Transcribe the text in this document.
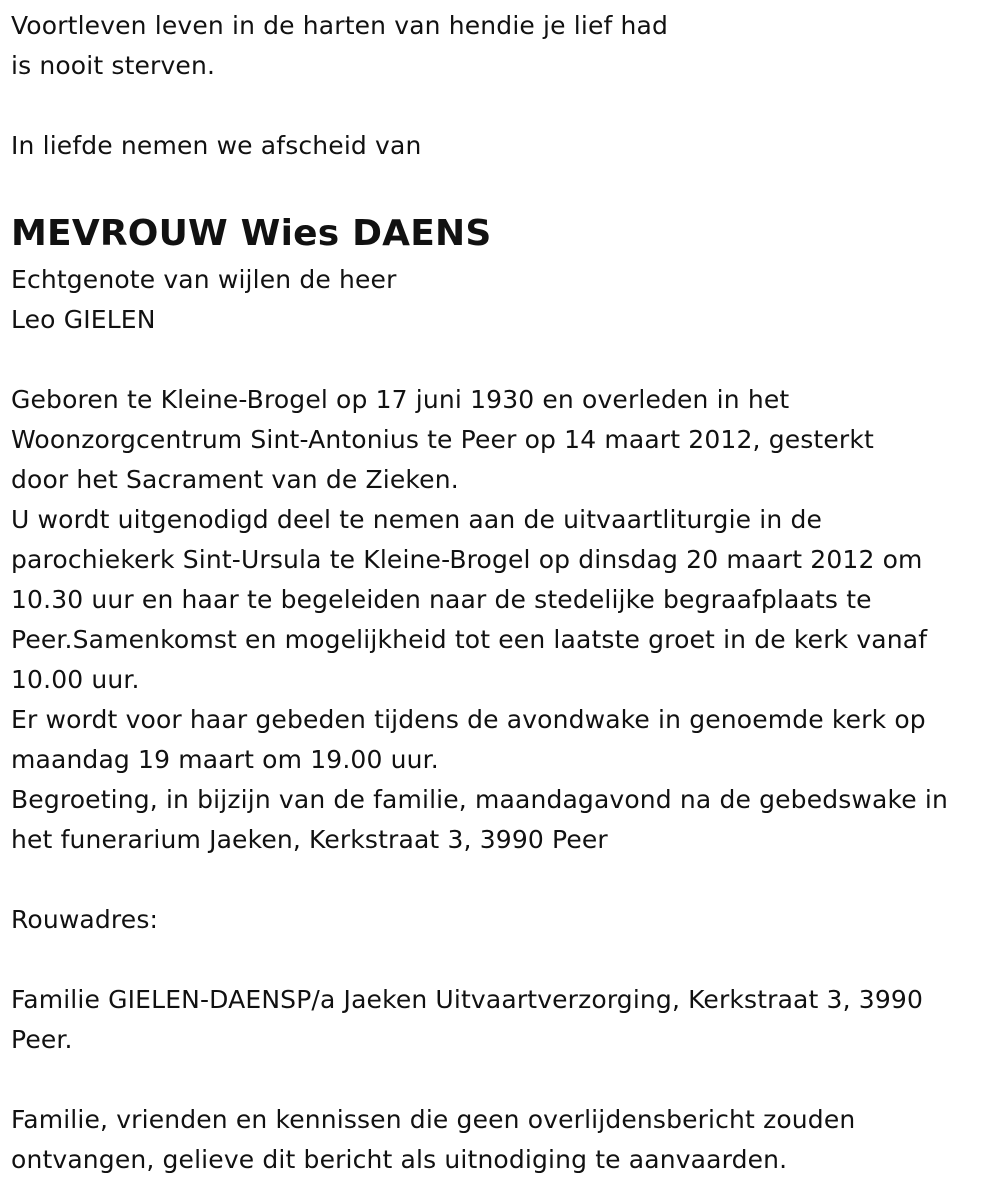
Voortleven leven in de harten van hendie je lief had

is nooit sterven.

In liefde nemen we afscheid van

MEVROUW Wies DAENS

Echtgenote van wijlen de heer

Leo GIELEN

Geboren te Kleine-Brogel op 17 juni 1930 en overleden in het

Woonzorgcentrum Sint-Antonius te Peer op 14 maart 2012, gesterkt

door het Sacrament van de Zieken.

U wordt uitgenodigd deel te nemen aan de uitvaartliturgie in de

parochiekerk Sint-Ursula te Kleine-Brogel op dinsdag 20 maart 2012 om

10.30 uur en haar te begeleiden naar de stedelijke begraafplaats te

Peer.Samenkomst en mogelijkheid tot een laatste groet in de kerk vanaf

10.00 uur.

Er wordt voor haar gebeden tijdens de avondwake in genoemde kerk op

maandag 19 maart om 19.00 uur.

Begroeting, in bijzijn van de familie, maandagavond na de gebedswake in

het funerarium Jaeken, Kerkstraat 3, 3990 Peer

Rouwadres:

Familie GIELEN-DAENSP/a Jaeken Uitvaartverzorging, Kerkstraat 3, 3990

Peer.

Familie, vrienden en kennissen die geen overlijdensbericht zouden

ontvangen, gelieve dit bericht als uitnodiging te aanvaarden.
